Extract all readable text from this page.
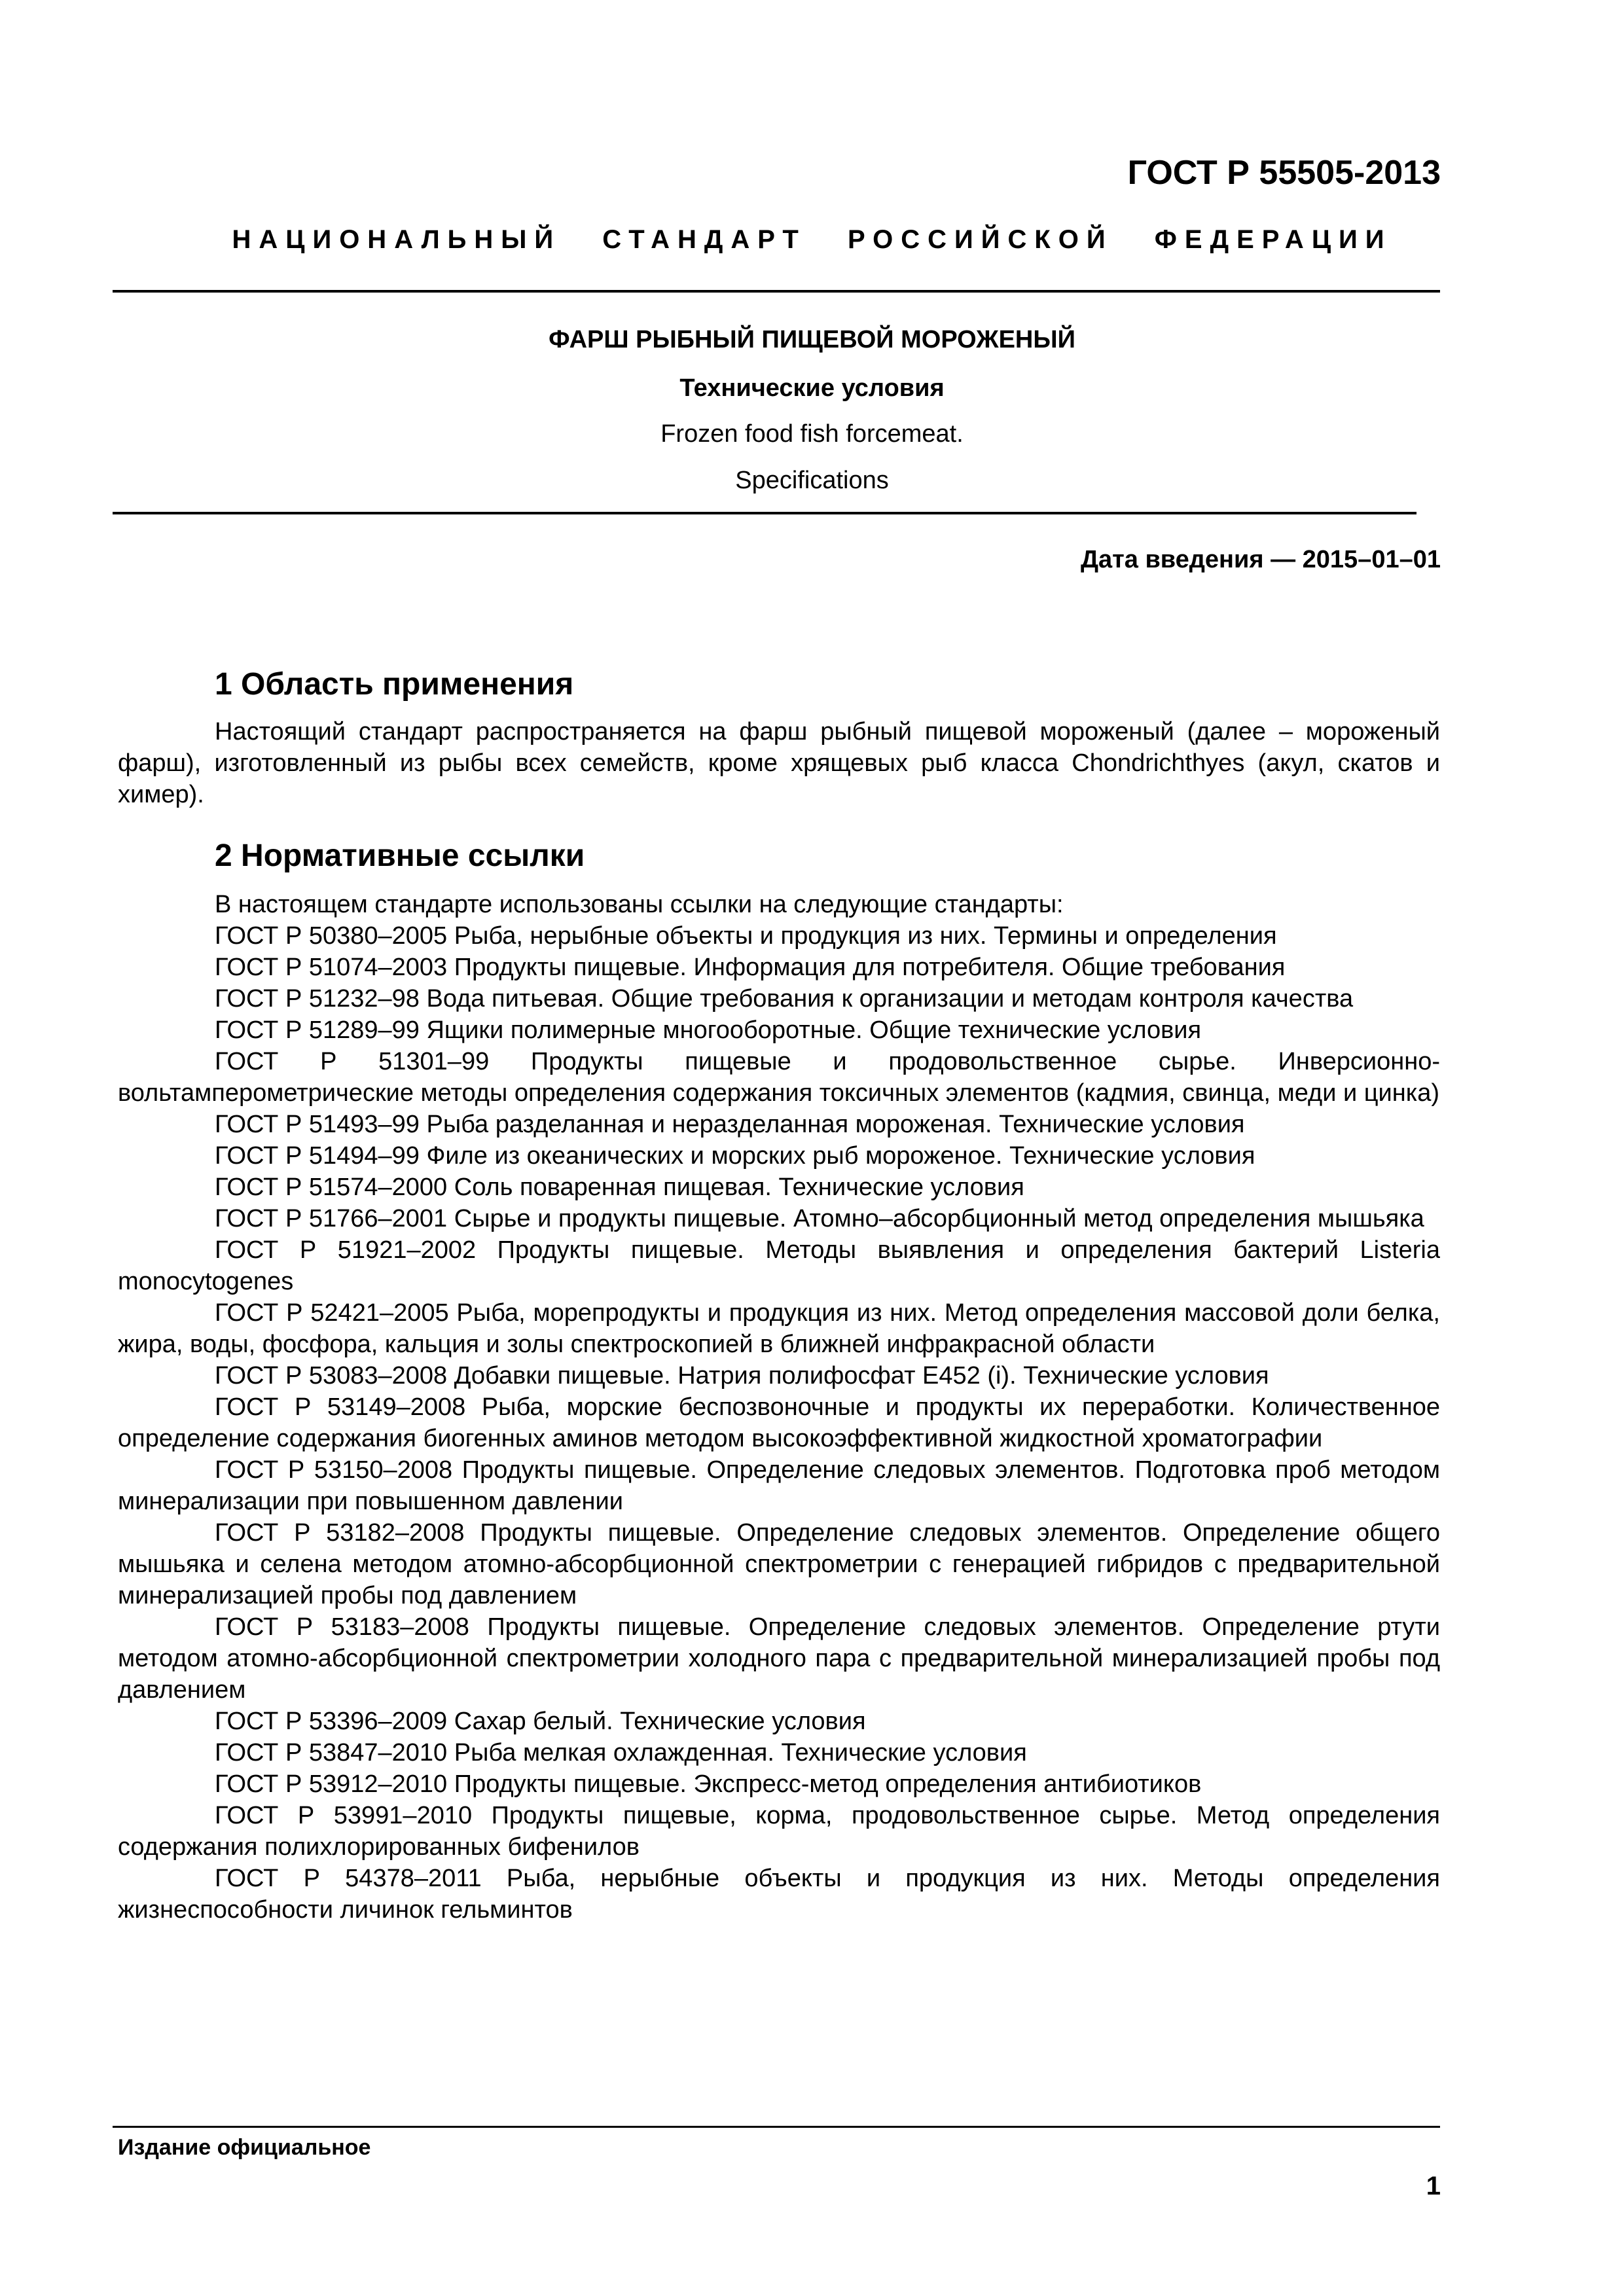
ГОСТ Р 55505-2013
НАЦИОНАЛЬНЫЙ СТАНДАРТ РОССИЙСКОЙ ФЕДЕРАЦИИ
ФАРШ РЫБНЫЙ ПИЩЕВОЙ МОРОЖЕНЫЙ
Технические условия
Frozen food fish forcemeat.
Specifications
Дата введения — 2015–01–01
1 Область применения

Настоящий стандарт распространяется на фарш рыбный пищевой мороженый (далее – мороженый фарш), изготовленный из рыбы всех семейств, кроме хрящевых рыб класса Chondrichthyes (акул, скатов и химер).

2 Нормативные ссылки

В настоящем стандарте использованы ссылки на следующие стандарты:

ГОСТ Р 50380–2005 Рыба, нерыбные объекты и продукция из них. Термины и определения

ГОСТ Р 51074–2003 Продукты пищевые. Информация для потребителя. Общие требования

ГОСТ Р 51232–98 Вода питьевая. Общие требования к организации и методам контроля качества

ГОСТ Р 51289–99 Ящики полимерные многооборотные. Общие технические условия

ГОСТ Р 51301–99 Продукты пищевые и продовольственное сырье. Инверсионно-вольтамперометрические методы определения содержания токсичных элементов (кадмия, свинца, меди и цинка)

ГОСТ Р 51493–99 Рыба разделанная и неразделанная мороженая. Технические условия

ГОСТ Р 51494–99 Филе из океанических и морских рыб мороженое. Технические условия

ГОСТ Р 51574–2000 Соль поваренная пищевая. Технические условия

ГОСТ Р 51766–2001 Сырье и продукты пищевые. Атомно–абсорбционный метод определения мышьяка

ГОСТ Р 51921–2002 Продукты пищевые. Методы выявления и определения бактерий Listeria monocytogenes

ГОСТ Р 52421–2005 Рыба, морепродукты и продукция из них. Метод определения массовой доли белка, жира, воды, фосфора, кальция и золы спектроскопией в ближней инфракрасной области

ГОСТ Р 53083–2008 Добавки пищевые. Натрия полифосфат Е452 (i). Технические условия

ГОСТ Р 53149–2008 Рыба, морские беспозвоночные и продукты их переработки. Количественное определение содержания биогенных аминов методом высокоэффективной жидкостной хроматографии

ГОСТ Р 53150–2008 Продукты пищевые. Определение следовых элементов. Подготовка проб методом минерализации при повышенном давлении

ГОСТ Р 53182–2008 Продукты пищевые. Определение следовых элементов. Определение общего мышьяка и селена методом атомно-абсорбционной спектрометрии с генерацией гибридов с предварительной минерализацией пробы под давлением

ГОСТ Р 53183–2008 Продукты пищевые. Определение следовых элементов. Определение ртути методом атомно-абсорбционной спектрометрии холодного пара с предварительной минерализацией пробы под давлением

ГОСТ Р 53396–2009 Сахар белый. Технические условия

ГОСТ Р 53847–2010 Рыба мелкая охлажденная. Технические условия

ГОСТ Р 53912–2010 Продукты пищевые. Экспресс-метод определения антибиотиков

ГОСТ Р 53991–2010 Продукты пищевые, корма, продовольственное сырье. Метод определения содержания полихлорированных бифенилов

ГОСТ Р 54378–2011 Рыба, нерыбные объекты и продукция из них. Методы определения жизнеспособности личинок гельминтов

Издание официальное
1
